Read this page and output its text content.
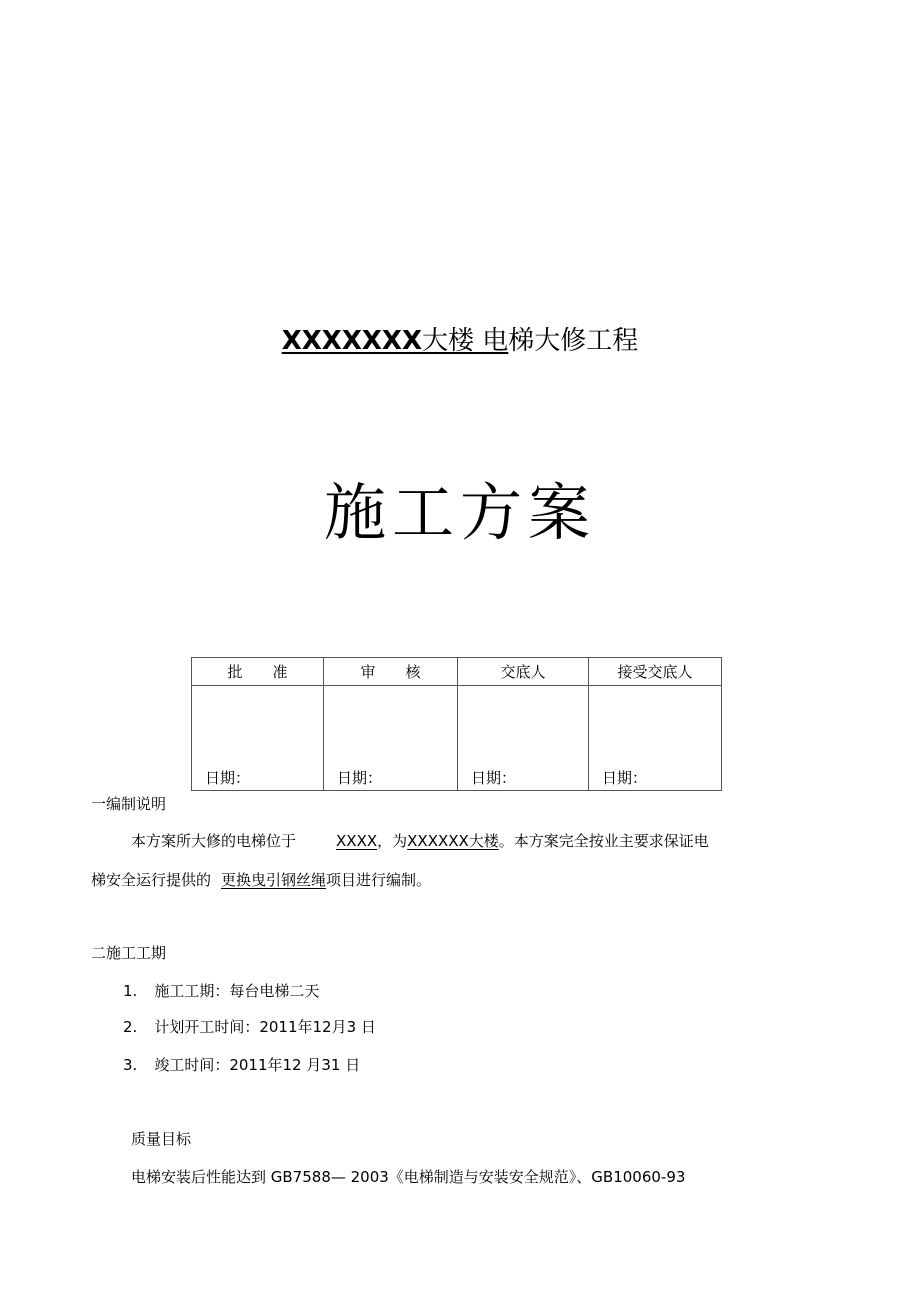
XXXXXXX大楼 电梯大修工程
施工方案
批　　准	审　　核	交底人	接受交底人
日期：	日期：	日期：	日期：
一编制说明
本方案所大修的电梯位于	XXXX，为XXXXXX大楼。本方案完全按业主要求保证电
梯安全运行提供的 更换曳引钢丝绳项目进行编制。
二施工工期
1. 施工工期：每台电梯二天
2. 计划开工时间：2011年12月3 日
3. 竣工时间：2011年12 月31 日
质量目标
电梯安装后性能达到 GB7588— 2003《电梯制造与安装安全规范》、GB10060-93
